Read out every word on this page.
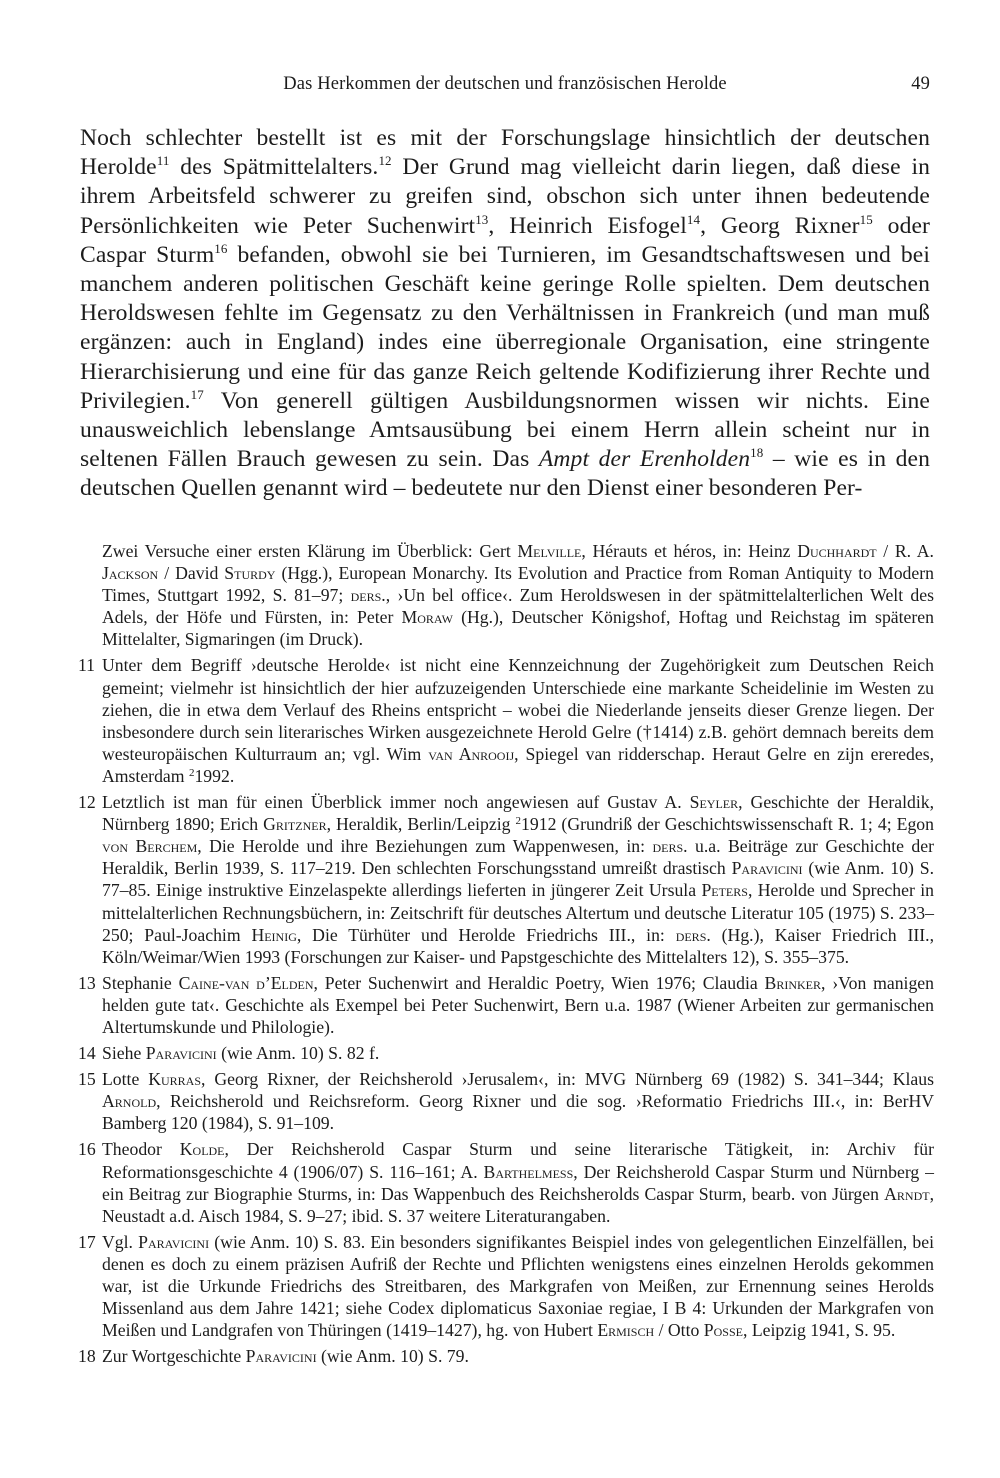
Das Herkommen der deutschen und französischen Herolde	49

Noch schlechter bestellt ist es mit der Forschungslage hinsichtlich der deutschen Herolde$^{11}$ des Spätmittelalters.$^{12}$ Der Grund mag vielleicht darin liegen, daß diese in ihrem Arbeitsfeld schwerer zu greifen sind, obschon sich unter ihnen bedeutende Persönlichkeiten wie Peter Suchenwirt$^{13}$, Heinrich Eisfogel$^{14}$, Georg Rixner$^{15}$ oder Caspar Sturm$^{16}$ befanden, obwohl sie bei Turnieren, im Gesandtschaftswesen und bei manchem anderen politischen Geschäft keine geringe Rolle spielten. Dem deutschen Heroldswesen fehlte im Gegensatz zu den Verhältnissen in Frankreich (und man muß ergänzen: auch in England) indes eine überregionale Organisation, eine stringente Hierarchisierung und eine für das ganze Reich geltende Kodifizierung ihrer Rechte und Privilegien.$^{17}$ Von generell gültigen Ausbildungsnormen wissen wir nichts. Eine unausweichlich lebenslange Amtsausübung bei einem Herrn allein scheint nur in seltenen Fällen Brauch gewesen zu sein. Das Ampt der Erenholden$^{18}$ – wie es in den deutschen Quellen genannt wird – bedeutete nur den Dienst einer besonderen Per-

Zwei Versuche einer ersten Klärung im Überblick: Gert Melville, Hérauts et héros, in: Heinz Duchhardt / R. A. Jackson / David Sturdy (Hgg.), European Monarchy. Its Evolution and Practice from Roman Antiquity to Modern Times, Stuttgart 1992, S. 81–97; ders., ›Un bel office‹. Zum Heroldswesen in der spätmittelalterlichen Welt des Adels, der Höfe und Fürsten, in: Peter Moraw (Hg.), Deutscher Königshof, Hoftag und Reichstag im späteren Mittelalter, Sigmaringen (im Druck).
11 Unter dem Begriff ›deutsche Herolde‹ ist nicht eine Kennzeichnung der Zugehörigkeit zum Deutschen Reich gemeint; vielmehr ist hinsichtlich der hier aufzuzeigenden Unterschiede eine markante Scheidelinie im Westen zu ziehen, die in etwa dem Verlauf des Rheins entspricht – wobei die Niederlande jenseits dieser Grenze liegen. Der insbesondere durch sein literarisches Wirken ausgezeichnete Herold Gelre (†1414) z.B. gehört demnach bereits dem westeuropäischen Kulturraum an; vgl. Wim van Anrooij, Spiegel van ridderschap. Heraut Gelre en zijn ereredes, Amsterdam $^2$1992.
12 Letztlich ist man für einen Überblick immer noch angewiesen auf Gustav A. Seyler, Geschichte der Heraldik, Nürnberg 1890; Erich Gritzner, Heraldik, Berlin/Leipzig $^2$1912 (Grundriß der Geschichtswissenschaft R. 1; 4; Egon von Berchem, Die Herolde und ihre Beziehungen zum Wappenwesen, in: ders. u.a. Beiträge zur Geschichte der Heraldik, Berlin 1939, S. 117–219. Den schlechten Forschungsstand umreißt drastisch Paravicini (wie Anm. 10) S. 77–85. Einige instruktive Einzelaspekte allerdings lieferten in jüngerer Zeit Ursula Peters, Herolde und Sprecher in mittelalterlichen Rechnungsbüchern, in: Zeitschrift für deutsches Altertum und deutsche Literatur 105 (1975) S. 233–250; Paul-Joachim Heinig, Die Türhüter und Herolde Friedrichs III., in: ders. (Hg.), Kaiser Friedrich III., Köln/Weimar/Wien 1993 (Forschungen zur Kaiser- und Papstgeschichte des Mittelalters 12), S. 355–375.
13 Stephanie Caine-van d’Elden, Peter Suchenwirt and Heraldic Poetry, Wien 1976; Claudia Brinker, ›Von manigen helden gute tat‹. Geschichte als Exempel bei Peter Suchenwirt, Bern u.a. 1987 (Wiener Arbeiten zur germanischen Altertumskunde und Philologie).
14 Siehe Paravicini (wie Anm. 10) S. 82 f.
15 Lotte Kurras, Georg Rixner, der Reichsherold ›Jerusalem‹, in: MVG Nürnberg 69 (1982) S. 341–344; Klaus Arnold, Reichsherold und Reichsreform. Georg Rixner und die sog. ›Reformatio Friedrichs III.‹, in: BerHV Bamberg 120 (1984), S. 91–109.
16 Theodor Kolde, Der Reichsherold Caspar Sturm und seine literarische Tätigkeit, in: Archiv für Reformationsgeschichte 4 (1906/07) S. 116–161; A. Barthelmess, Der Reichsherold Caspar Sturm und Nürnberg – ein Beitrag zur Biographie Sturms, in: Das Wappenbuch des Reichsherolds Caspar Sturm, bearb. von Jürgen Arndt, Neustadt a.d. Aisch 1984, S. 9–27; ibid. S. 37 weitere Literaturangaben.
17 Vgl. Paravicini (wie Anm. 10) S. 83. Ein besonders signifikantes Beispiel indes von gelegentlichen Einzelfällen, bei denen es doch zu einem präzisen Aufriß der Rechte und Pflichten wenigstens eines einzelnen Herolds gekommen war, ist die Urkunde Friedrichs des Streitbaren, des Markgrafen von Meißen, zur Ernennung seines Herolds Missenland aus dem Jahre 1421; siehe Codex diplomaticus Saxoniae regiae, I B 4: Urkunden der Markgrafen von Meißen und Landgrafen von Thüringen (1419–1427), hg. von Hubert Ermisch / Otto Posse, Leipzig 1941, S. 95.
18 Zur Wortgeschichte Paravicini (wie Anm. 10) S. 79.
